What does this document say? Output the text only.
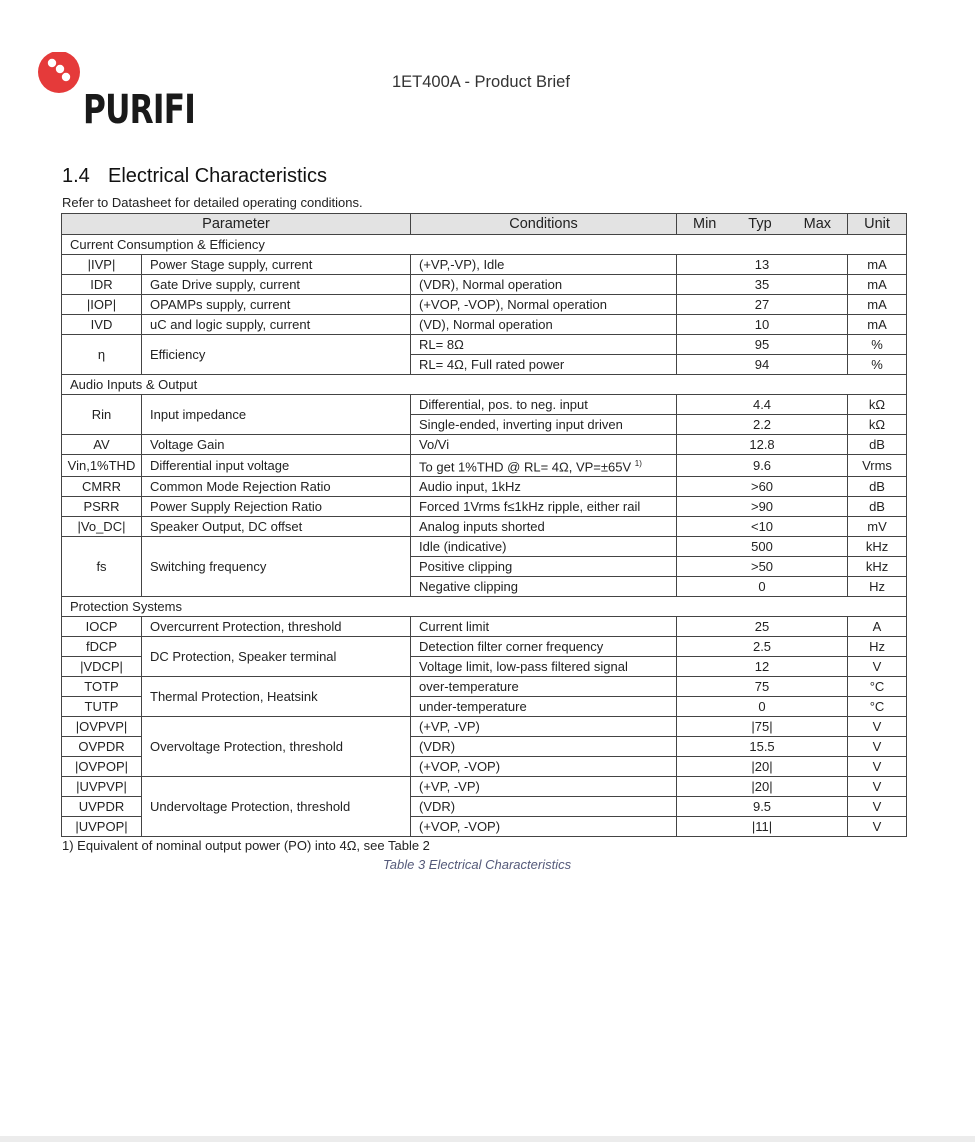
PURIFI
1ET400A - Product Brief
1.4 Electrical Characteristics
Refer to Datasheet for detailed operating conditions.
Parameter		Conditions	Min Typ Max	Unit
Current Consumption & Efficiency				
|IVP|	Power Stage supply, current	(+VP,-VP), Idle	13	mA
IDR	Gate Drive supply, current	(VDR), Normal operation	35	mA
|IOP|	OPAMPs supply, current	(+VOP, -VOP), Normal operation	27	mA
IVD	uC and logic supply, current	(VD), Normal operation	10	mA
η	Efficiency	RL= 8Ω	95	%
		RL= 4Ω, Full rated power	94	%
Audio Inputs & Output				
Rin	Input impedance	Differential, pos. to neg. input	4.4	kΩ
		Single-ended, inverting input driven	2.2	kΩ
AV	Voltage Gain	Vo/Vi	12.8	dB
Vin,1%THD	Differential input voltage	To get 1%THD @ RL= 4Ω, VP=±65V $^{1)}$	9.6	Vrms
CMRR	Common Mode Rejection Ratio	Audio input, 1kHz	>60	dB
PSRR	Power Supply Rejection Ratio	Forced 1Vrms f≤1kHz ripple, either rail	>90	dB
|Vo_DC|	Speaker Output, DC offset	Analog inputs shorted	<10	mV
fs	Switching frequency	Idle (indicative)	500	kHz
		Positive clipping	>50	kHz
		Negative clipping	0	Hz
Protection Systems				
IOCP	Overcurrent Protection, threshold	Current limit	25	A
fDCP	DC Protection, Speaker terminal	Detection filter corner frequency	2.5	Hz
|VDCP|		Voltage limit, low-pass filtered signal	12	V
TOTP	Thermal Protection, Heatsink	over-temperature	75	°C
TUTP		under-temperature	0	°C
|OVPVP|	Overvoltage Protection, threshold	(+VP, -VP)	|75|	V
OVPDR		(VDR)	15.5	V
|OVPOP|		(+VOP, -VOP)	|20|	V
|UVPVP|	Undervoltage Protection, threshold	(+VP, -VP)	|20|	V
UVPDR		(VDR)	9.5	V
|UVPOP|		(+VOP, -VOP)	|11|	V
1) Equivalent of nominal output power (PO) into 4Ω, see Table 2
Table 3 Electrical Characteristics
